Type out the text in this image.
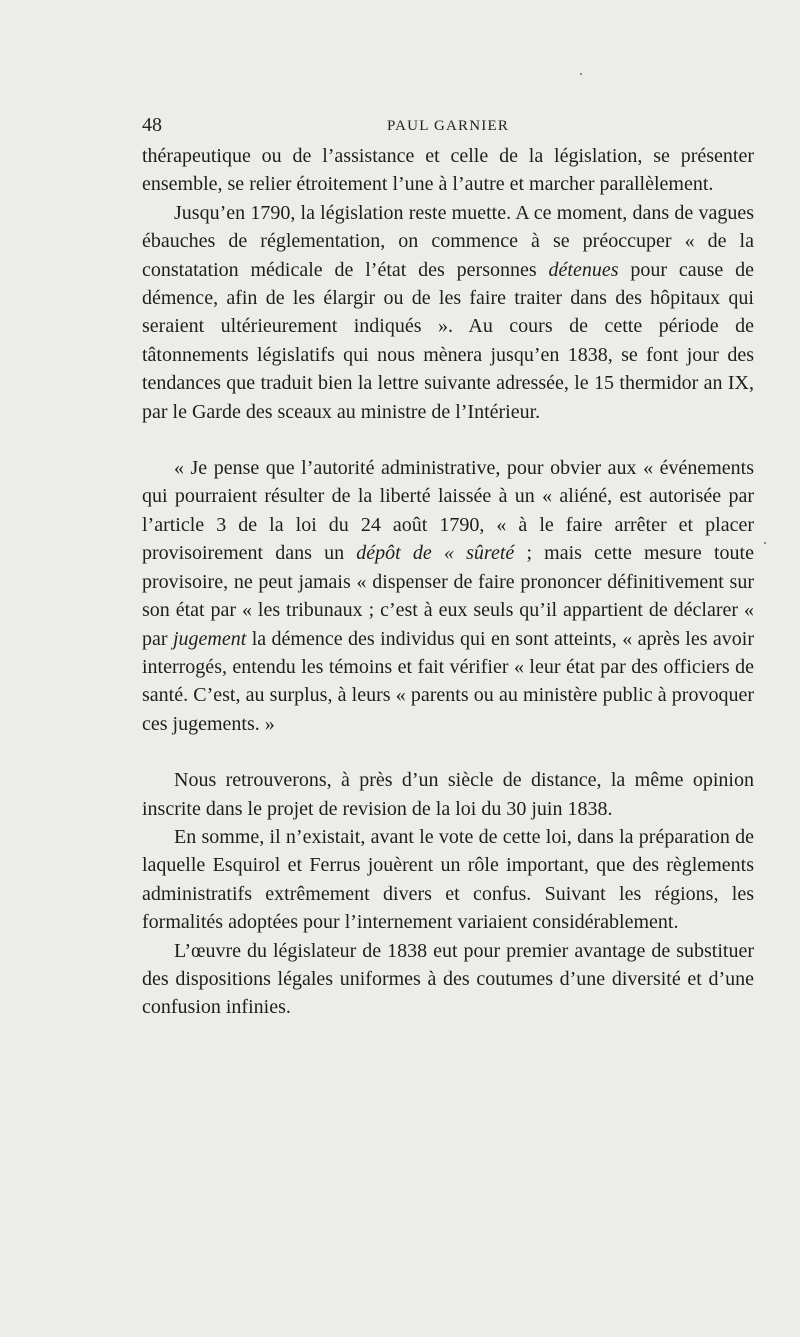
48	PAUL GARNIER

thérapeutique ou de l’assistance et celle de la législation, se présenter ensemble, se relier étroitement l’une à l’autre et marcher parallèlement.

Jusqu’en 1790, la législation reste muette. A ce moment, dans de vagues ébauches de réglementation, on commence à se préoccuper « de la constatation médicale de l’état des personnes détenues pour cause de démence, afin de les élargir ou de les faire traiter dans des hôpitaux qui seraient ultérieurement indiqués ». Au cours de cette période de tâtonnements législatifs qui nous mènera jusqu’en 1838, se font jour des tendances que traduit bien la lettre suivante adressée, le 15 thermidor an IX, par le Garde des sceaux au ministre de l’Intérieur.

« Je pense que l’autorité administrative, pour obvier aux « événements qui pourraient résulter de la liberté laissée à un « aliéné, est autorisée par l’article 3 de la loi du 24 août 1790, « à le faire arrêter et placer provisoirement dans un dépôt de « sûreté ; mais cette mesure toute provisoire, ne peut jamais « dispenser de faire prononcer définitivement sur son état par « les tribunaux ; c’est à eux seuls qu’il appartient de déclarer « par jugement la démence des individus qui en sont atteints, « après les avoir interrogés, entendu les témoins et fait vérifier « leur état par des officiers de santé. C’est, au surplus, à leurs « parents ou au ministère public à provoquer ces jugements. »

Nous retrouverons, à près d’un siècle de distance, la même opinion inscrite dans le projet de revision de la loi du 30 juin 1838.

En somme, il n’existait, avant le vote de cette loi, dans la préparation de laquelle Esquirol et Ferrus jouèrent un rôle important, que des règlements administratifs extrêmement divers et confus. Suivant les régions, les formalités adoptées pour l’internement variaient considérablement.

L’œuvre du législateur de 1838 eut pour premier avantage de substituer des dispositions légales uniformes à des coutumes d’une diversité et d’une confusion infinies.
